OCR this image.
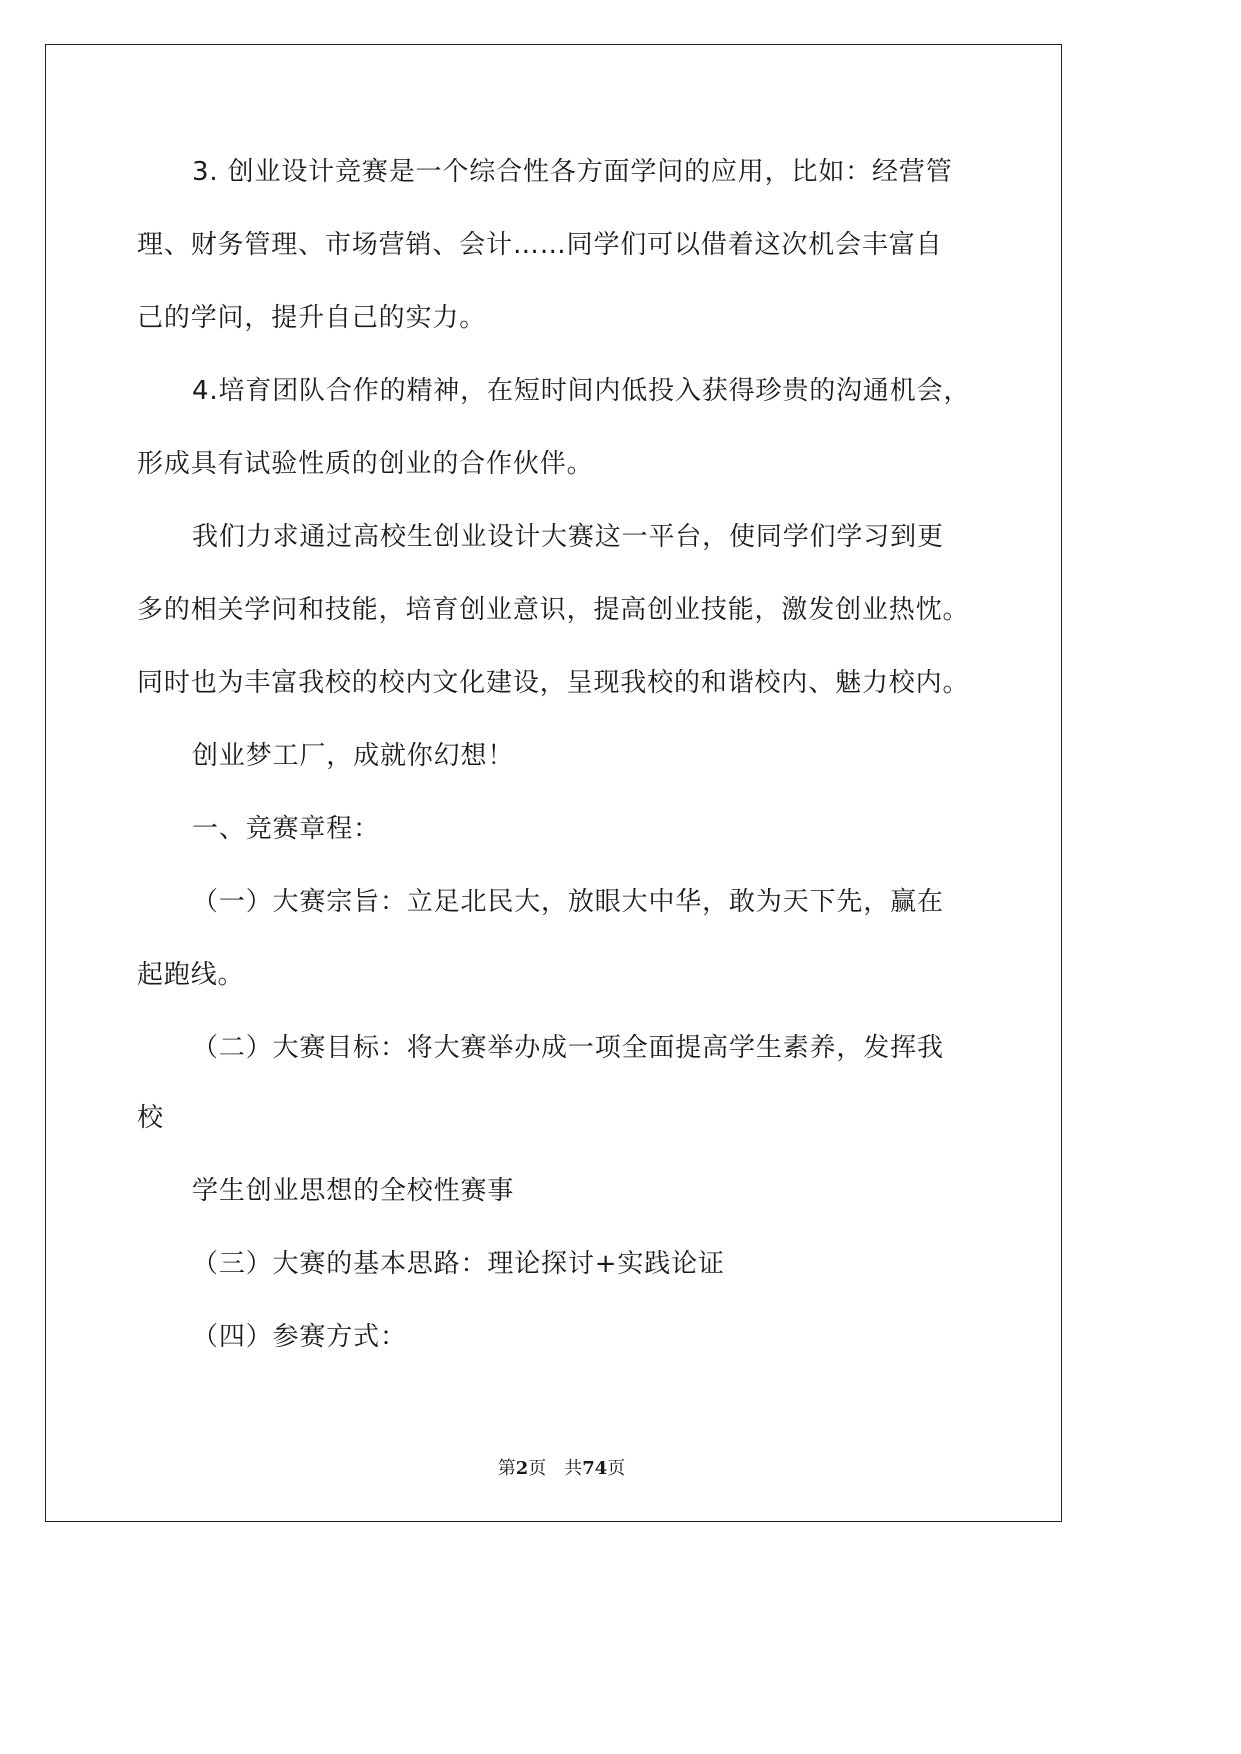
3. 创业设计竞赛是一个综合性各方面学问的应用，比如：经营管
理、财务管理、市场营销、会计……同学们可以借着这次机会丰富自
己的学问，提升自己的实力。
4.培育团队合作的精神，在短时间内低投入获得珍贵的沟通机会，
形成具有试验性质的创业的合作伙伴。
我们力求通过高校生创业设计大赛这一平台，使同学们学习到更
多的相关学问和技能，培育创业意识，提高创业技能，激发创业热忱。
同时也为丰富我校的校内文化建设，呈现我校的和谐校内、魅力校内。
创业梦工厂，成就你幻想！
一、竞赛章程：
（一）大赛宗旨：立足北民大，放眼大中华，敢为天下先，赢在
起跑线。
（二）大赛目标：将大赛举办成一项全面提高学生素养，发挥我
校
学生创业思想的全校性赛事
（三）大赛的基本思路：理论探讨+实践论证
（四）参赛方式：
第2页　共74页
